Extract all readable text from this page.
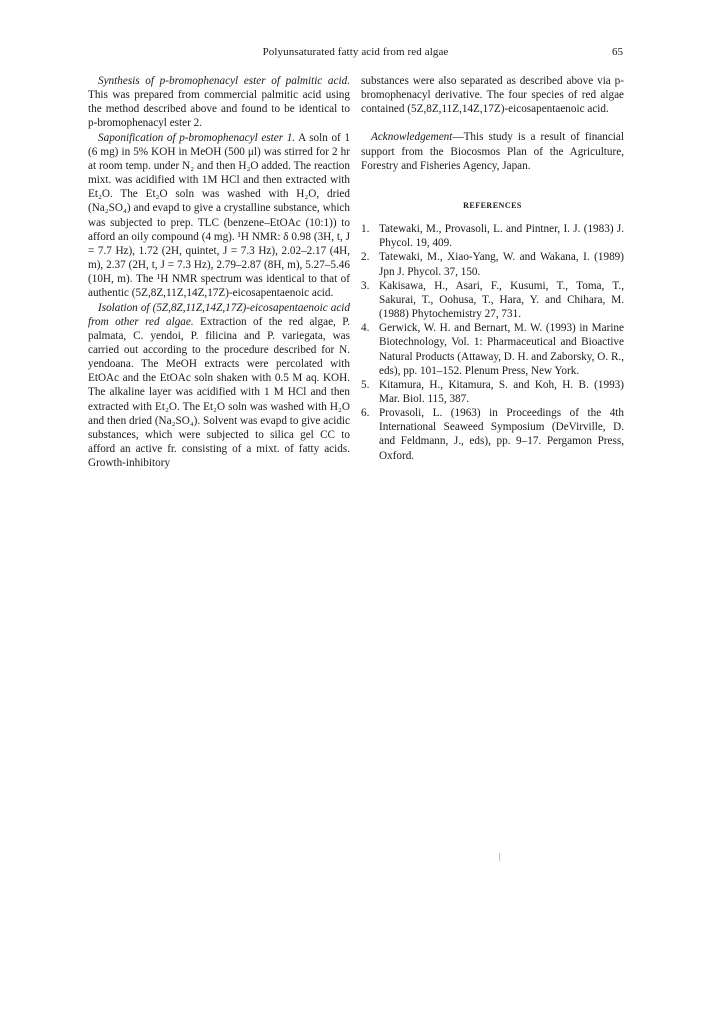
Polyunsaturated fatty acid from red algae	65

Synthesis of p-bromophenacyl ester of palmitic acid. This was prepared from commercial palmitic acid using the method described above and found to be identical to p-bromophenacyl ester 2.

Saponification of p-bromophenacyl ester 1. A soln of 1 (6 mg) in 5% KOH in MeOH (500 μl) was stirred for 2 hr at room temp. under N₂ and then H₂O added. The reaction mixt. was acidified with 1M HCl and then extracted with Et₂O. The Et₂O soln was washed with H₂O, dried (Na₂SO₄) and evapd to give a crystalline substance, which was subjected to prep. TLC (benzene–EtOAc (10:1)) to afford an oily compound (4 mg). ¹H NMR: δ 0.98 (3H, t, J = 7.7 Hz), 1.72 (2H, quintet, J = 7.3 Hz), 2.02–2.17 (4H, m), 2.37 (2H, t, J = 7.3 Hz), 2.79–2.87 (8H, m), 5.27–5.46 (10H, m). The ¹H NMR spectrum was identical to that of authentic (5Z,8Z,11Z,14Z,17Z)-eicosapentaenoic acid.

Isolation of (5Z,8Z,11Z,14Z,17Z)-eicosapentaenoic acid from other red algae. Extraction of the red algae, P. palmata, C. yendoi, P. filicina and P. variegata, was carried out according to the procedure described for N. yendoana. The MeOH extracts were percolated with EtOAc and the EtOAc soln shaken with 0.5 M aq. KOH. The alkaline layer was acidified with 1 M HCl and then extracted with Et₂O. The Et₂O soln was washed with H₂O and then dried (Na₂SO₄). Solvent was evapd to give acidic substances, which were subjected to silica gel CC to afford an active fr. consisting of a mixt. of fatty acids. Growth-inhibitory

substances were also separated as described above via p-bromophenacyl derivative. The four species of red algae contained (5Z,8Z,11Z,14Z,17Z)-eicosapentaenoic acid.

Acknowledgement—This study is a result of financial support from the Biocosmos Plan of the Agriculture, Forestry and Fisheries Agency, Japan.

REFERENCES
1. Tatewaki, M., Provasoli, L. and Pintner, I. J. (1983) J. Phycol. 19, 409.
2. Tatewaki, M., Xiao-Yang, W. and Wakana, I. (1989) Jpn J. Phycol. 37, 150.
3. Kakisawa, H., Asari, F., Kusumi, T., Toma, T., Sakurai, T., Oohusa, T., Hara, Y. and Chihara, M. (1988) Phytochemistry 27, 731.
4. Gerwick, W. H. and Bernart, M. W. (1993) in Marine Biotechnology, Vol. 1: Pharmaceutical and Bioactive Natural Products (Attaway, D. H. and Zaborsky, O. R., eds), pp. 101–152. Plenum Press, New York.
5. Kitamura, H., Kitamura, S. and Koh, H. B. (1993) Mar. Biol. 115, 387.
6. Provasoli, L. (1963) in Proceedings of the 4th International Seaweed Symposium (DeVirville, D. and Feldmann, J., eds), pp. 9–17. Pergamon Press, Oxford.
